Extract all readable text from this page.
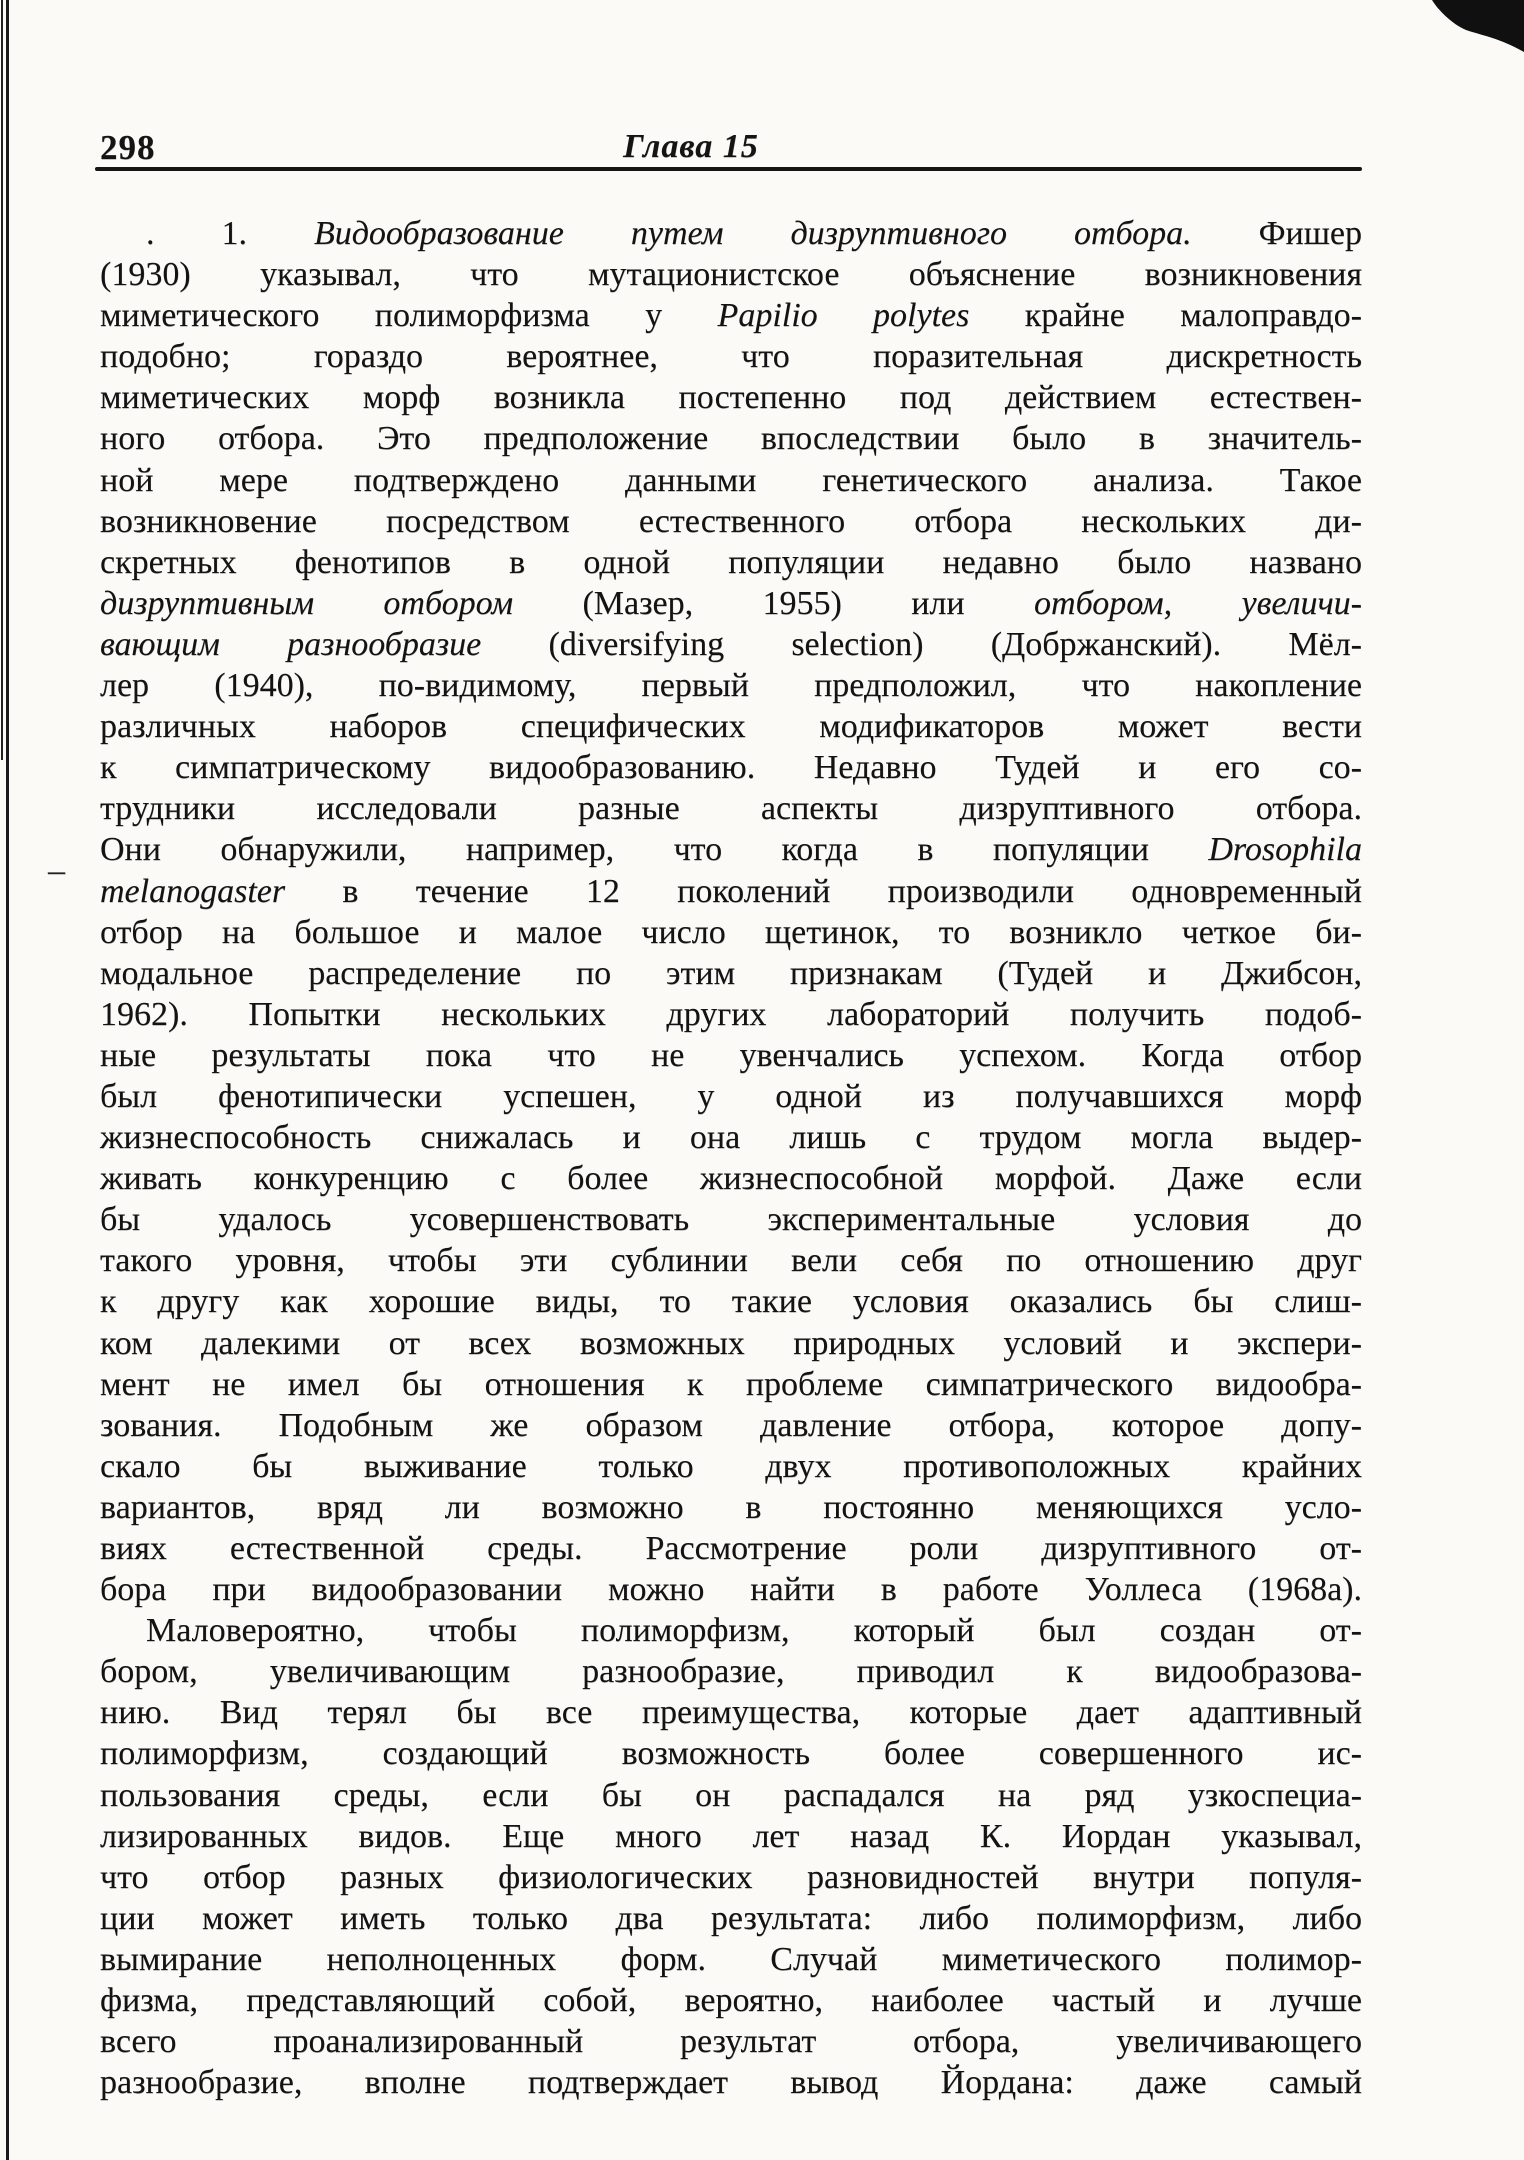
298	Глава 15
–
. 1. Видообразование путем дизруптивного отбора. Фишер
(1930) указывал, что мутационистское объяснение возникновения
миметического полиморфизма у Papilio polytes крайне малоправдо-
подобно; гораздо вероятнее, что поразительная дискретность
миметических морф возникла постепенно под действием естествен-
ного отбора. Это предположение впоследствии было в значитель-
ной мере подтверждено данными генетического анализа. Такое
возникновение посредством естественного отбора нескольких ди-
скретных фенотипов в одной популяции недавно было названо
дизруптивным отбором (Мазер, 1955) или отбором, увеличи-
вающим разнообразие (diversifying selection) (Добржанский). Мёл-
лер (1940), по-видимому, первый предположил, что накопление
различных наборов специфических модификаторов может вести
к симпатрическому видообразованию. Недавно Тудей и его со-
трудники исследовали разные аспекты дизруптивного отбора.
Они обнаружили, например, что когда в популяции Drosophila
melanogaster в течение 12 поколений производили одновременный
отбор на большое и малое число щетинок, то возникло четкое би-
модальное распределение по этим признакам (Тудей и Джибсон,
1962). Попытки нескольких других лабораторий получить подоб-
ные результаты пока что не увенчались успехом. Когда отбор
был фенотипически успешен, у одной из получавшихся морф
жизнеспособность снижалась и она лишь с трудом могла выдер-
живать конкуренцию с более жизнеспособной морфой. Даже если
бы удалось усовершенствовать экспериментальные условия до
такого уровня, чтобы эти сублинии вели себя по отношению друг
к другу как хорошие виды, то такие условия оказались бы слиш-
ком далекими от всех возможных природных условий и экспери-
мент не имел бы отношения к проблеме симпатрического видообра-
зования. Подобным же образом давление отбора, которое допу-
скало бы выживание только двух противоположных крайних
вариантов, вряд ли возможно в постоянно меняющихся усло-
виях естественной среды. Рассмотрение роли дизруптивного от-
бора при видообразовании можно найти в работе Уоллеса (1968а).
Маловероятно, чтобы полиморфизм, который был создан от-
бором, увеличивающим разнообразие, приводил к видообразова-
нию. Вид терял бы все преимущества, которые дает адаптивный
полиморфизм, создающий возможность более совершенного ис-
пользования среды, если бы он распадался на ряд узкоспециа-
лизированных видов. Еще много лет назад К. Иордан указывал,
что отбор разных физиологических разновидностей внутри популя-
ции может иметь только два результата: либо полиморфизм, либо
вымирание неполноценных форм. Случай миметического полимор-
физма, представляющий собой, вероятно, наиболее частый и лучше
всего проанализированный результат отбора, увеличивающего
разнообразие, вполне подтверждает вывод Йордана: даже самый
